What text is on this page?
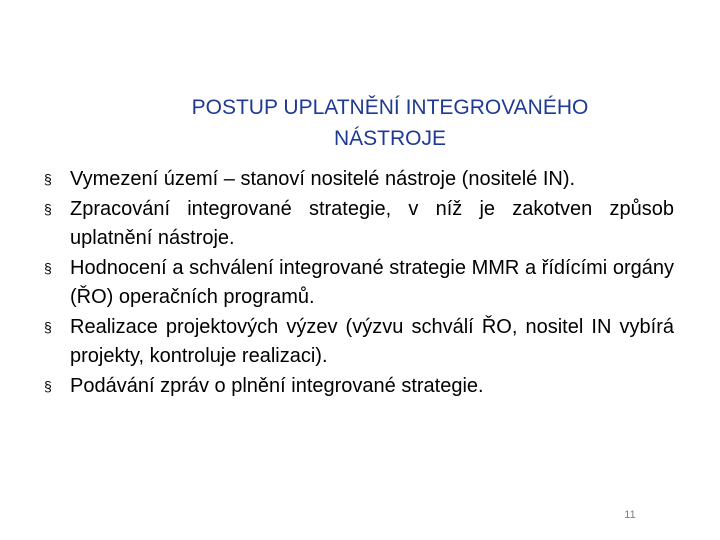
POSTUP UPLATNĚNÍ INTEGROVANÉHO NÁSTROJE
§ Vymezení území – stanoví nositelé nástroje (nositelé IN).
§ Zpracování integrované strategie, v níž je zakotven způsob uplatnění nástroje.
§ Hodnocení a schválení integrované strategie MMR a řídícími orgány (ŘO) operačních programů.
§ Realizace projektových výzev (výzvu schválí ŘO, nositel IN vybírá projekty, kontroluje realizaci).
§ Podávání zpráv o plnění integrované strategie.
11
